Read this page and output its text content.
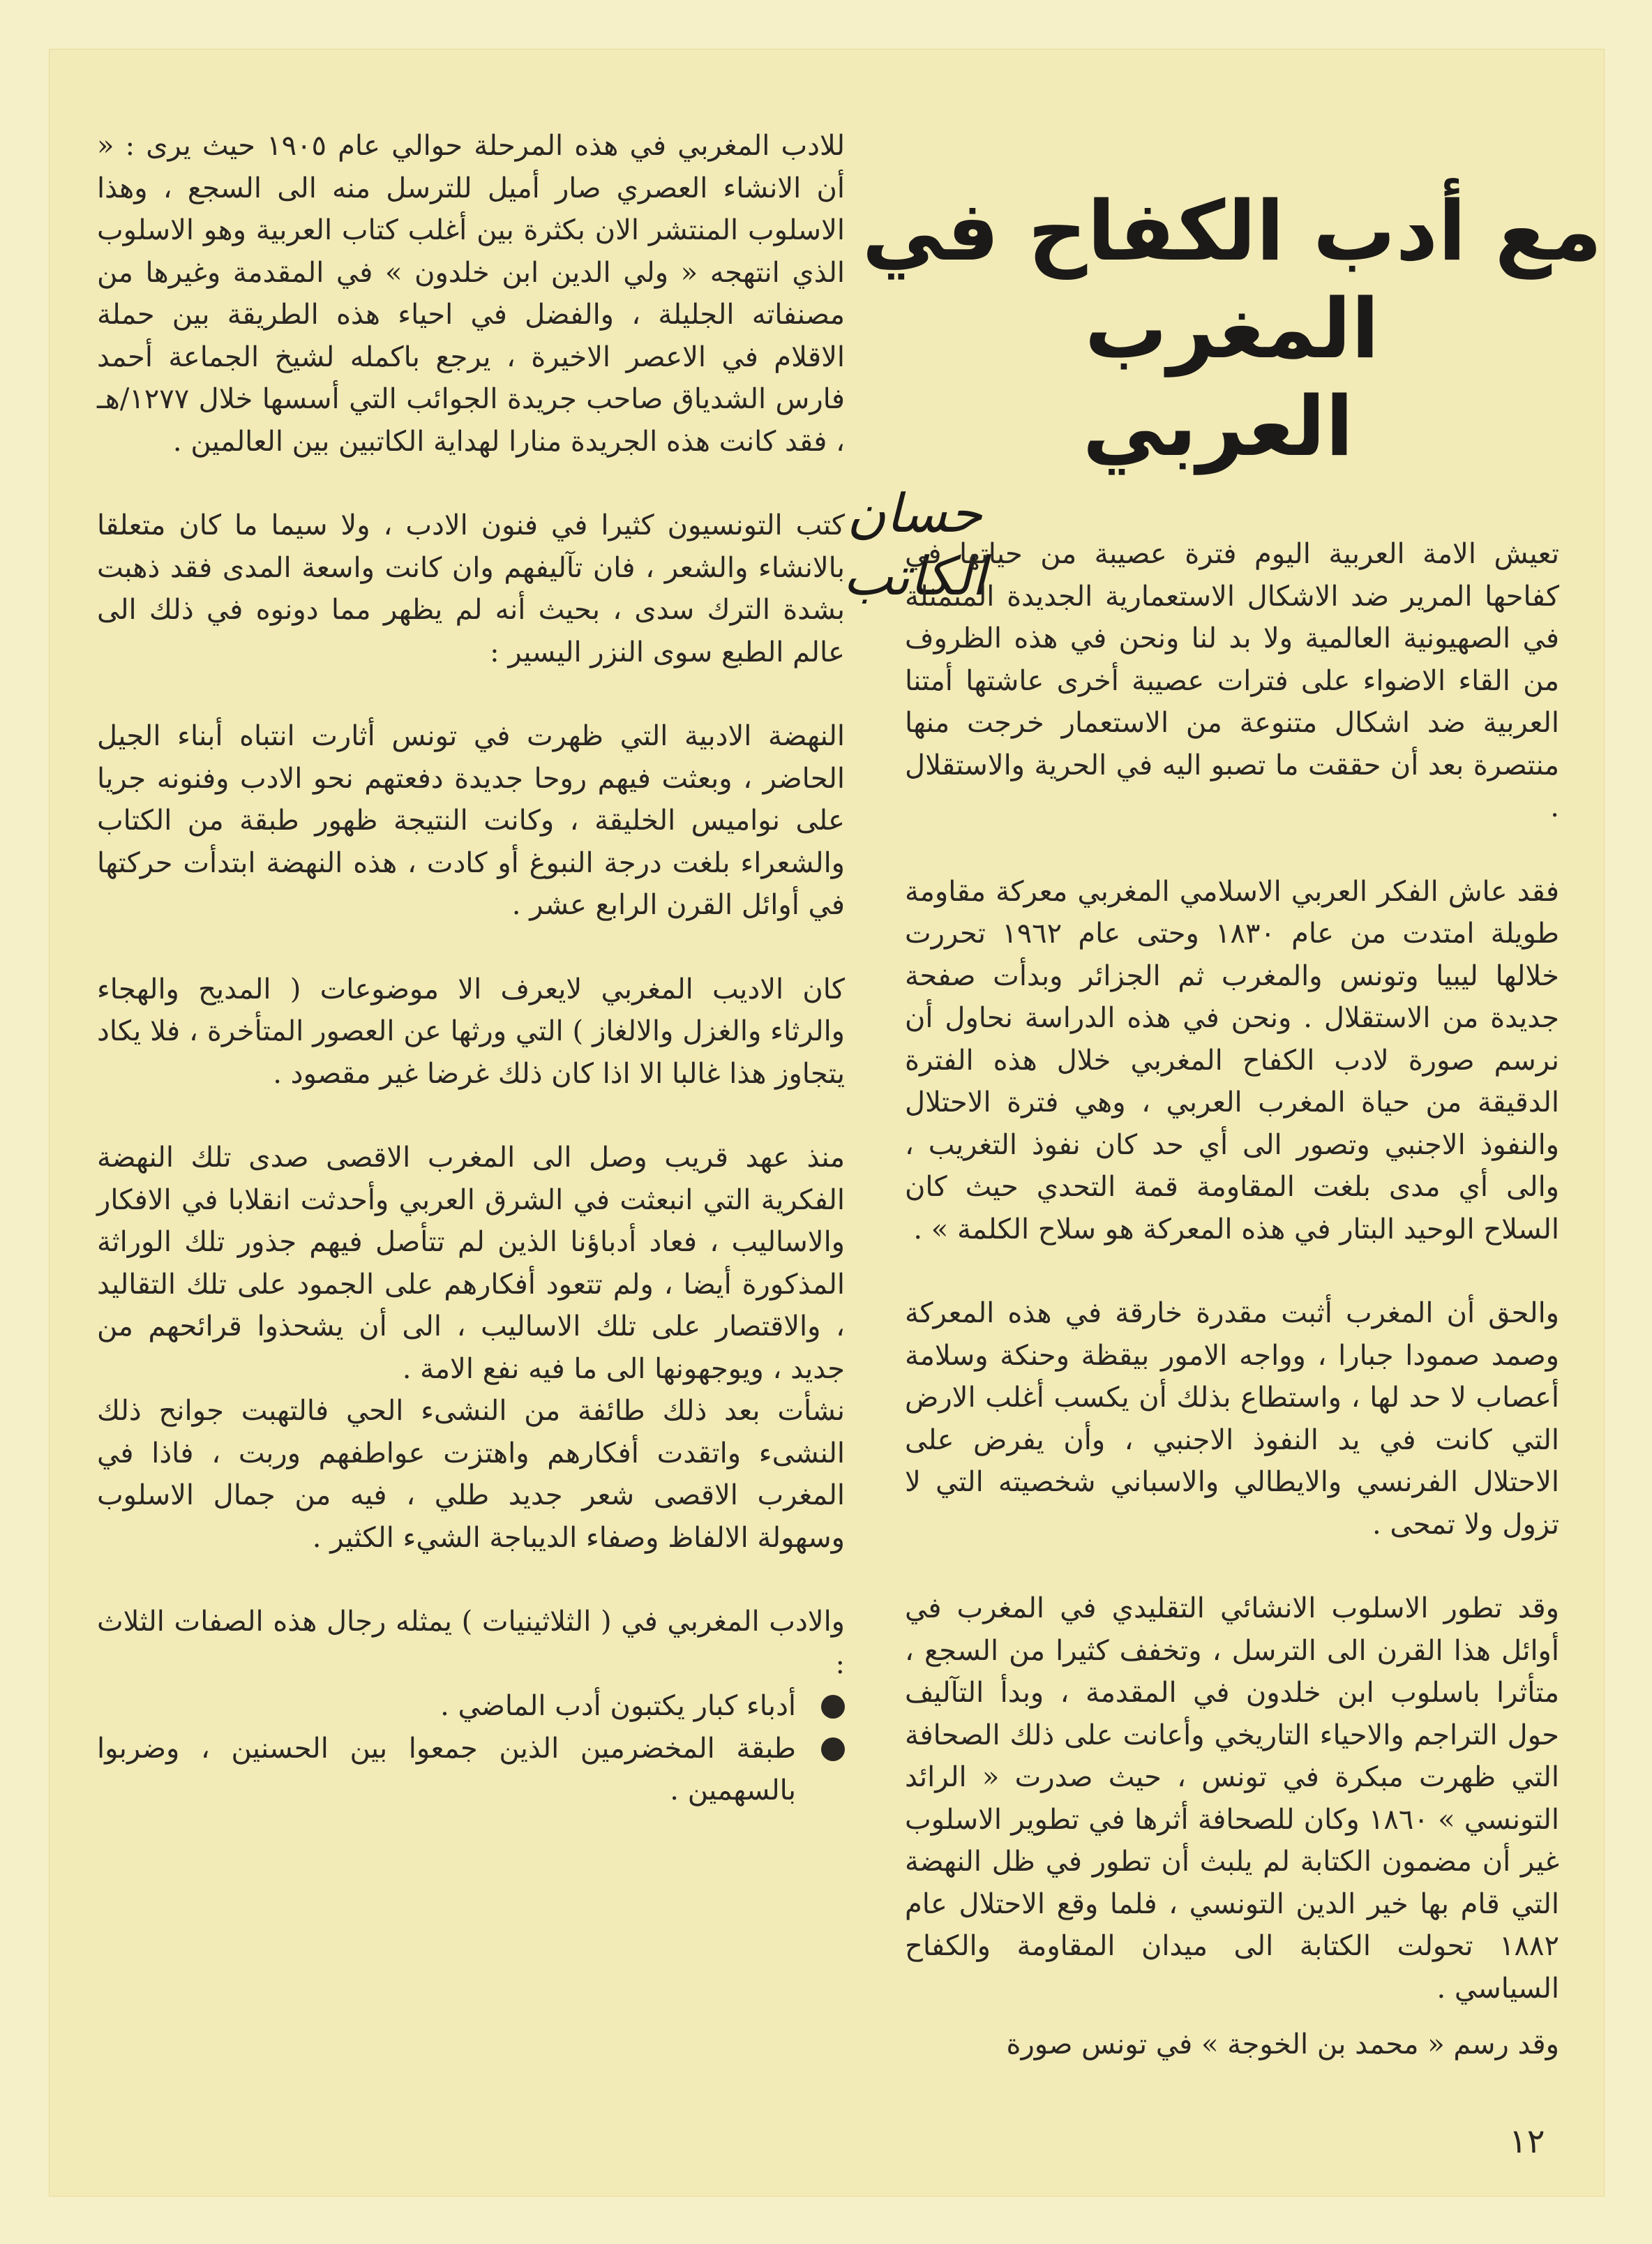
مع أدب الكفاح في المغرب
العربي
حسان الكاتب

للادب المغربي في هذه المرحلة حوالي عام ١٩٠٥ حيث يرى : « أن الانشاء العصري صار أميل للترسل منه الى السجع ، وهذا الاسلوب المنتشر الان بكثرة بين أغلب كتاب العربية وهو الاسلوب الذي انتهجه « ولي الدين ابن خلدون » في المقدمة وغيرها من مصنفاته الجليلة ، والفضل في احياء هذه الطريقة بين حملة الاقلام في الاعصر الاخيرة ، يرجع باكمله لشيخ الجماعة أحمد فارس الشدياق صاحب جريدة الجوائب التي أسسها خلال ١٢٧٧/هـ ، فقد كانت هذه الجريدة منارا لهداية الكاتبين بين العالمين .

كتب التونسيون كثيرا في فنون الادب ، ولا سيما ما كان متعلقا بالانشاء والشعر ، فان تآليفهم وان كانت واسعة المدى فقد ذهبت بشدة الترك سدى ، بحيث أنه لم يظهر مما دونوه في ذلك الى عالم الطبع سوى النزر اليسير :

النهضة الادبية التي ظهرت في تونس أثارت انتباه أبناء الجيل الحاضر ، وبعثت فيهم روحا جديدة دفعتهم نحو الادب وفنونه جريا على نواميس الخليقة ، وكانت النتيجة ظهور طبقة من الكتاب والشعراء بلغت درجة النبوغ أو كادت ، هذه النهضة ابتدأت حركتها في أوائل القرن الرابع عشر .

كان الاديب المغربي لايعرف الا موضوعات ( المديح والهجاء والرثاء والغزل والالغاز ) التي ورثها عن العصور المتأخرة ، فلا يكاد يتجاوز هذا غالبا الا اذا كان ذلك غرضا غير مقصود .

منذ عهد قريب وصل الى المغرب الاقصى صدى تلك النهضة الفكرية التي انبعثت في الشرق العربي وأحدثت انقلابا في الافكار والاساليب ، فعاد أدباؤنا الذين لم تتأصل فيهم جذور تلك الوراثة المذكورة أيضا ، ولم تتعود أفكارهم على الجمود على تلك التقاليد ، والاقتصار على تلك الاساليب ، الى أن يشحذوا قرائحهم من جديد ، ويوجهونها الى ما فيه نفع الامة .

نشأت بعد ذلك طائفة من النشىء الحي فالتهبت جوانح ذلك النشىء واتقدت أفكارهم واهتزت عواطفهم وربت ، فاذا في المغرب الاقصى شعر جديد طلي ، فيه من جمال الاسلوب وسهولة الالفاظ وصفاء الديباجة الشيء الكثير .

والادب المغربي في ( الثلاثينيات ) يمثله رجال هذه الصفات الثلاث :

أدباء كبار يكتبون أدب الماضي .
طبقة المخضرمين الذين جمعوا بين الحسنين ، وضربوا بالسهمين .

تعيش الامة العربية اليوم فترة عصيبة من حياتها في كفاحها المرير ضد الاشكال الاستعمارية الجديدة المتمثلة في الصهيونية العالمية ولا بد لنا ونحن في هذه الظروف من القاء الاضواء على فترات عصيبة أخرى عاشتها أمتنا العربية ضد اشكال متنوعة من الاستعمار خرجت منها منتصرة بعد أن حققت ما تصبو اليه في الحرية والاستقلال .

فقد عاش الفكر العربي الاسلامي المغربي معركة مقاومة طويلة امتدت من عام ١٨٣٠ وحتى عام ١٩٦٢ تحررت خلالها ليبيا وتونس والمغرب ثم الجزائر وبدأت صفحة جديدة من الاستقلال . ونحن في هذه الدراسة نحاول أن نرسم صورة لادب الكفاح المغربي خلال هذه الفترة الدقيقة من حياة المغرب العربي ، وهي فترة الاحتلال والنفوذ الاجنبي وتصور الى أي حد كان نفوذ التغريب ، والى أي مدى بلغت المقاومة قمة التحدي حيث كان السلاح الوحيد البتار في هذه المعركة هو سلاح الكلمة » .

والحق أن المغرب أثبت مقدرة خارقة في هذه المعركة وصمد صمودا جبارا ، وواجه الامور بيقظة وحنكة وسلامة أعصاب لا حد لها ، واستطاع بذلك أن يكسب أغلب الارض التي كانت في يد النفوذ الاجنبي ، وأن يفرض على الاحتلال الفرنسي والايطالي والاسباني شخصيته التي لا تزول ولا تمحى .

وقد تطور الاسلوب الانشائي التقليدي في المغرب في أوائل هذا القرن الى الترسل ، وتخفف كثيرا من السجع ، متأثرا باسلوب ابن خلدون في المقدمة ، وبدأ التآليف حول التراجم والاحياء التاريخي وأعانت على ذلك الصحافة التي ظهرت مبكرة في تونس ، حيث صدرت « الرائد التونسي » ١٨٦٠ وكان للصحافة أثرها في تطوير الاسلوب غير أن مضمون الكتابة لم يلبث أن تطور في ظل النهضة التي قام بها خير الدين التونسي ، فلما وقع الاحتلال عام ١٨٨٢ تحولت الكتابة الى ميدان المقاومة والكفاح السياسي .

وقد رسم « محمد بن الخوجة » في تونس صورة

١٢
